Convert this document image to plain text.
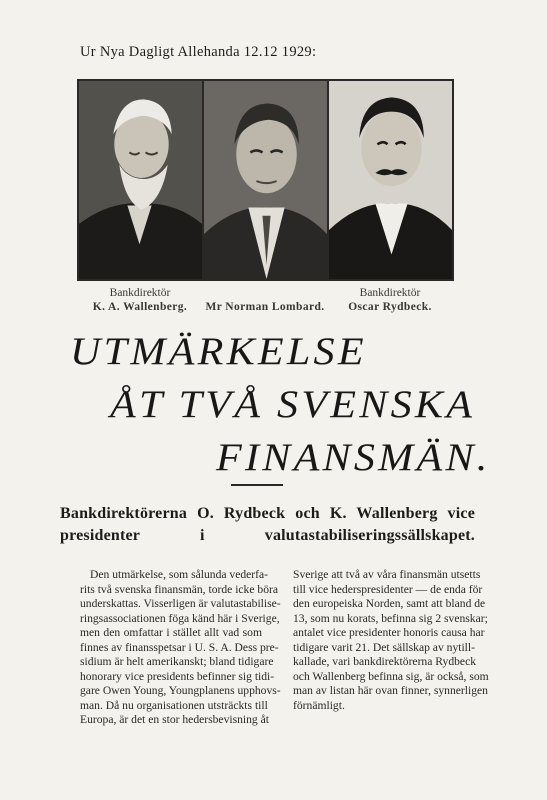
Ur Nya Dagligt Allehanda 12.12 1929:
Bankdirektör
K. A. Wallenberg.	Mr Norman Lombard.
Bankdirektör
Oscar Rydbeck.
UTMÄRKELSE
ÅT TVÅ SVENSKA
FINANSMÄN.
Bankdirektörerna O. Rydbeck och K. Wallenberg vice presidenter i valutastabiliseringssällskapet.
Den utmärkelse, som sålunda vederfa-
rits två svenska finansmän, torde icke böra
underskattas. Visserligen är valutastabilise-
ringsassociationen föga känd här i Sverige,
men den omfattar i stället allt vad som
finnes av finansspetsar i U. S. A. Dess pre-
sidium är helt amerikanskt; bland tidigare
honorary vice presidents befinner sig tidi-
gare Owen Young, Youngplanens upphovs-
man. Då nu organisationen utsträckts till
Europa, är det en stor hedersbevisning åt
Sverige att två av våra finansmän utsetts
till vice hederspresidenter — de enda för
den europeiska Norden, samt att bland de
13, som nu korats, befinna sig 2 svenskar;
antalet vice presidenter honoris causa har
tidigare varit 21. Det sällskap av nytill-
kallade, vari bankdirektörerna Rydbeck
och Wallenberg befinna sig, är också, som
man av listan här ovan finner, synnerligen
förnämligt.
